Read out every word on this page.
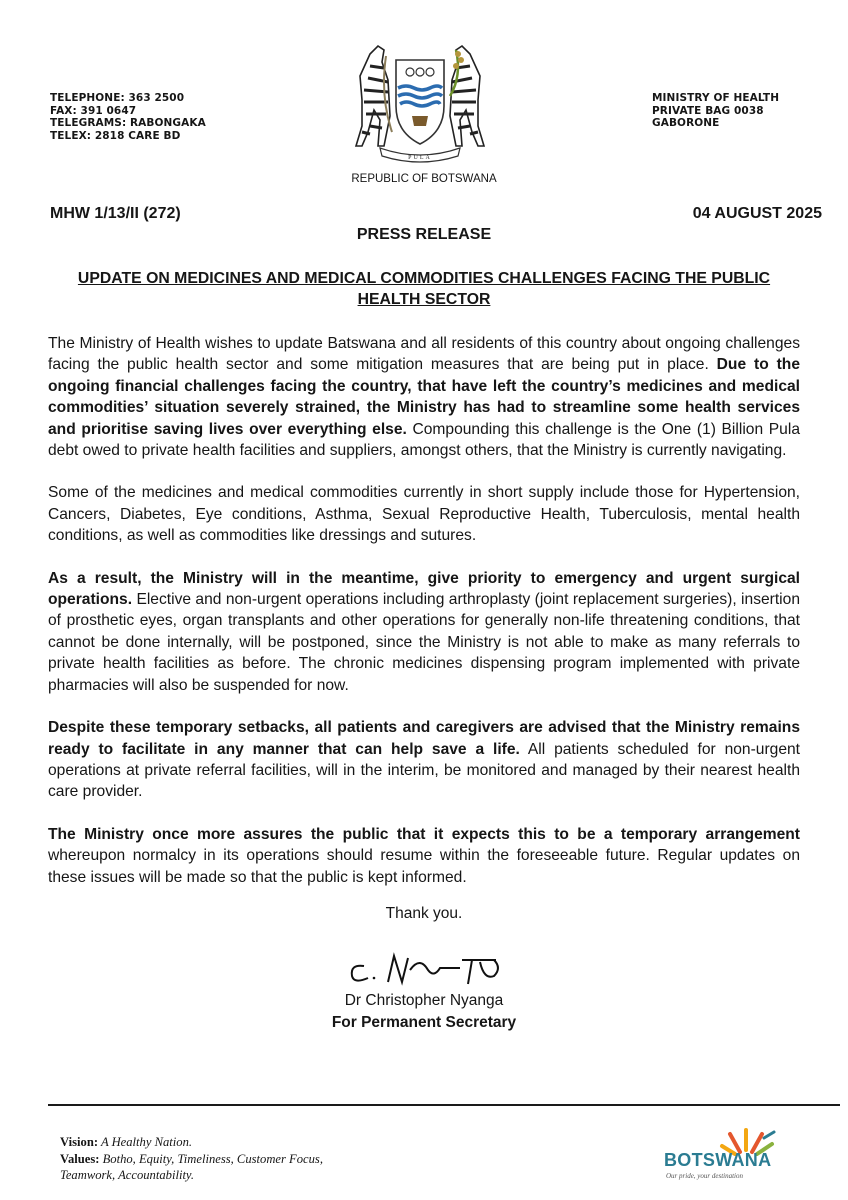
TELEPHONE: 363 2500
FAX: 391 0647
TELEGRAMS: RABONGAKA
TELEX: 2818 CARE BD
MINISTRY OF HEALTH
PRIVATE BAG 0038
GABORONE
PULA
REPUBLIC OF BOTSWANA
MHW 1/13/II (272)	04 AUGUST 2025
PRESS RELEASE
UPDATE ON MEDICINES AND MEDICAL COMMODITIES CHALLENGES FACING THE PUBLIC HEALTH SECTOR

The Ministry of Health wishes to update Batswana and all residents of this country about ongoing challenges facing the public health sector and some mitigation measures that are being put in place. Due to the ongoing financial challenges facing the country, that have left the country’s medicines and medical commodities’ situation severely strained, the Ministry has had to streamline some health services and prioritise saving lives over everything else. Compounding this challenge is the One (1) Billion Pula debt owed to private health facilities and suppliers, amongst others, that the Ministry is currently navigating.

Some of the medicines and medical commodities currently in short supply include those for Hypertension, Cancers, Diabetes, Eye conditions, Asthma, Sexual Reproductive Health, Tuberculosis, mental health conditions, as well as commodities like dressings and sutures.

As a result, the Ministry will in the meantime, give priority to emergency and urgent surgical operations. Elective and non-urgent operations including arthroplasty (joint replacement surgeries), insertion of prosthetic eyes, organ transplants and other operations for generally non-life threatening conditions, that cannot be done internally, will be postponed, since the Ministry is not able to make as many referrals to private health facilities as before. The chronic medicines dispensing program implemented with private pharmacies will also be suspended for now.

Despite these temporary setbacks, all patients and caregivers are advised that the Ministry remains ready to facilitate in any manner that can help save a life. All patients scheduled for non-urgent operations at private referral facilities, will in the interim, be monitored and managed by their nearest health care provider.

The Ministry once more assures the public that it expects this to be a temporary arrangement whereupon normalcy in its operations should resume within the foreseeable future. Regular updates on these issues will be made so that the public is kept informed.

Thank you.
Dr Christopher Nyanga
For Permanent Secretary
Vision: A Healthy Nation.
Values: Botho, Equity, Timeliness, Customer Focus,
Teamwork, Accountability.
BOTSWANA
Our pride, your destination
